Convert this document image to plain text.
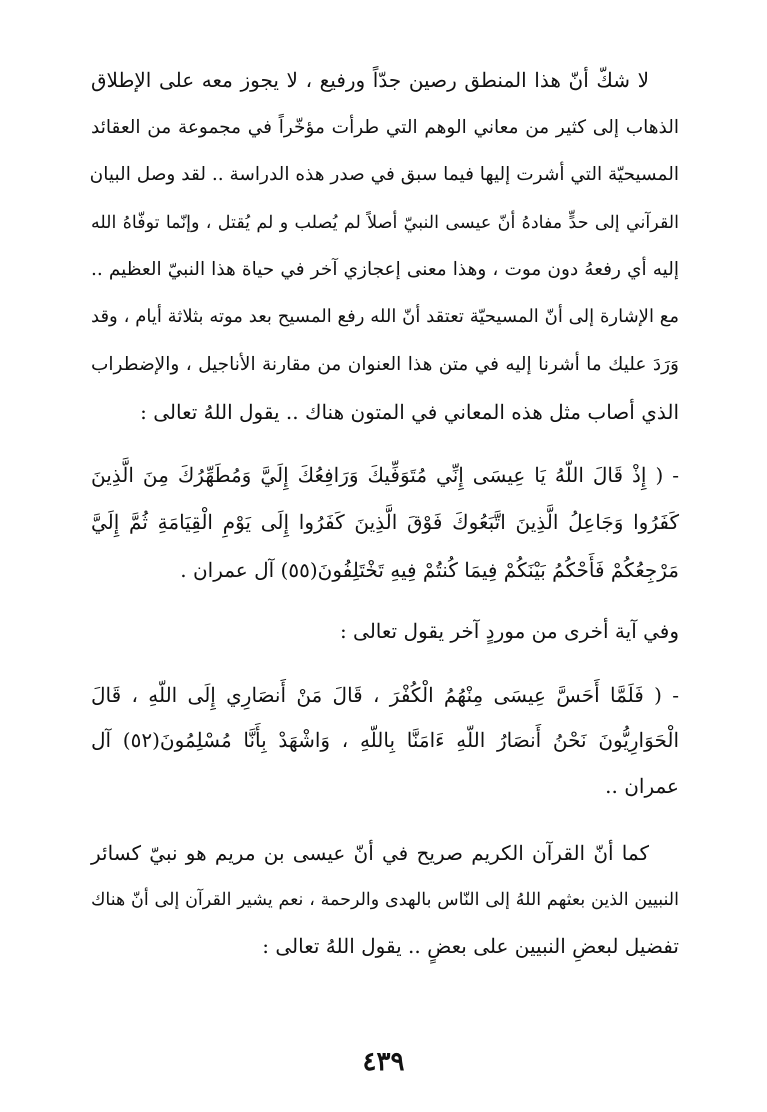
لا شكّ أنّ هذا المنطق رصين جدّاً ورفيع ، لا يجوز معه على الإطلاق
الذهاب إلى كثير من معاني الوهم التي طرأت مؤخّراً في مجموعة من العقائد
المسيحيّة التي أشرت إليها فيما سبق في صدر هذه الدراسة .. لقد وصل البيان
القرآني إلى حدٍّ مفادهُ أنّ عيسى النبيّ أصلاً لم يُصلب و لم يُقتل ، وإنّما توفّاهُ الله
إليه أي رفعهُ دون موت ، وهذا معنى إعجازي آخر في حياة هذا النبيّ العظيم ..
مع الإشارة إلى أنّ المسيحيّة تعتقد أنّ الله رفع المسيح بعد موته بثلاثة أيام ، وقد
وَرَدَ عليك ما أشرنا إليه في متن هذا العنوان من مقارنة الأناجيل ، والإضطراب
الذي أصاب مثل هذه المعاني في المتون هناك .. يقول اللهُ تعالى :
- ( إِذْ قَالَ اللّهُ يَا عِيسَى إِنِّي مُتَوَفِّيكَ وَرَافِعُكَ إِلَيَّ وَمُطَهِّرُكَ مِنَ الَّذِينَ
كَفَرُوا وَجَاعِلُ الَّذِينَ اتَّبَعُوكَ فَوْقَ الَّذِينَ كَفَرُوا إِلَى يَوْمِ الْقِيَامَةِ ثُمَّ إِلَيَّ
مَرْجِعُكُمْ فَأَحْكُمُ بَيْنَكُمْ فِيمَا كُنتُمْ فِيهِ تَخْتَلِفُونَ(٥٥) آل عمران .
وفي آية أخرى من موردٍ آخر يقول تعالى :
- ( فَلَمَّا أَحَسَّ عِيسَى مِنْهُمُ الْكُفْرَ ، قَالَ مَنْ أَنصَارِي إِلَى اللّهِ ، قَالَ
الْحَوَارِيُّونَ نَحْنُ أَنصَارُ اللّهِ ءَامَنَّا بِاللّهِ ، وَاشْهَدْ بِأَنَّا مُسْلِمُونَ(٥٢) آل
عمران ..
كما أنّ القرآن الكريم صريح في أنّ عيسى بن مريم هو نبيّ كسائر
النبيين الذين بعثهم اللهُ إلى النّاس بالهدى والرحمة ، نعم يشير القرآن إلى أنّ هناك
تفضيل لبعضِ النبيين على بعضٍ .. يقول اللهُ تعالى :
٤٣٩
